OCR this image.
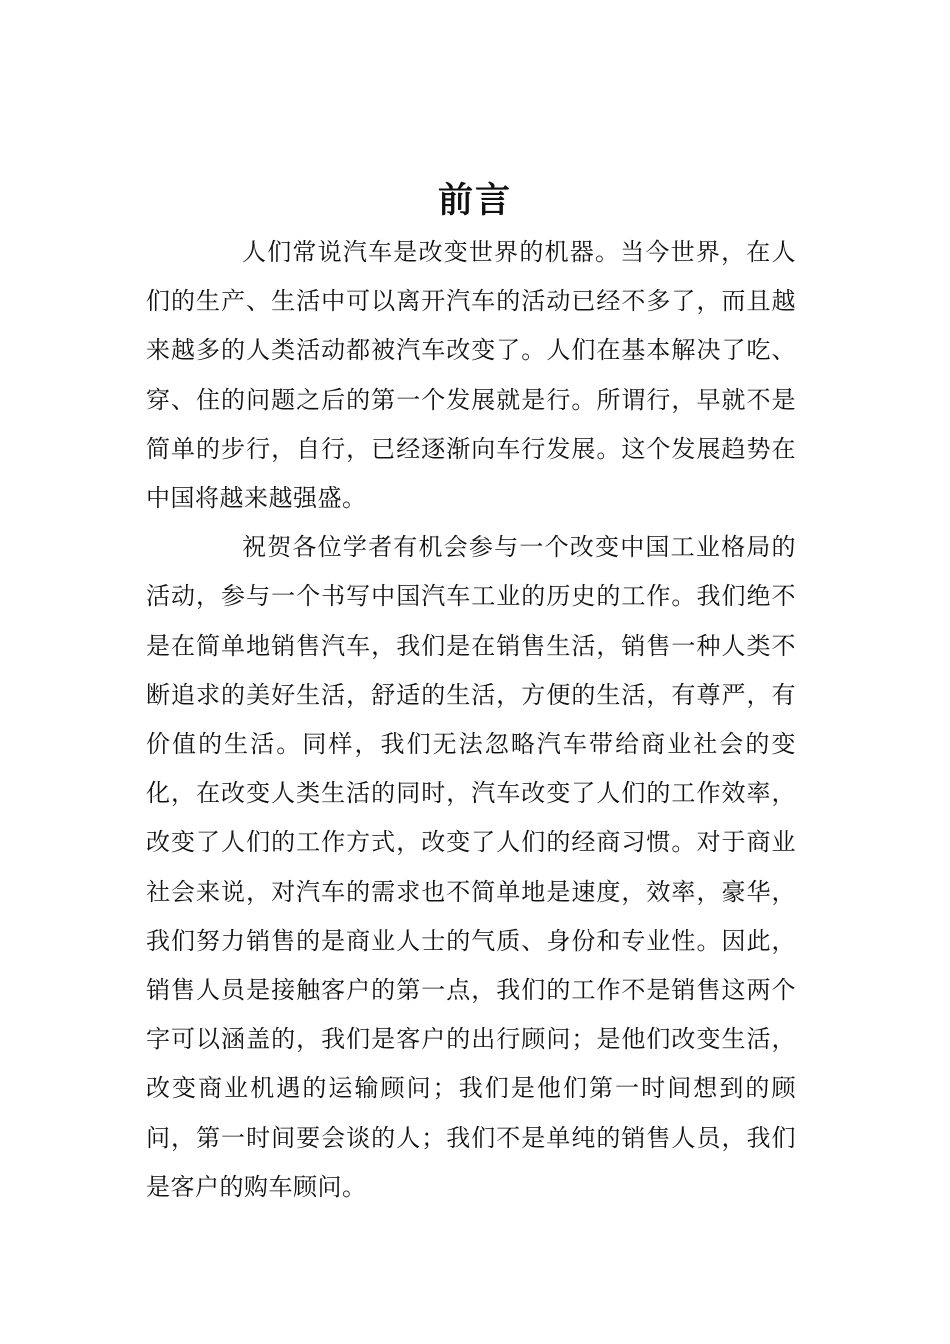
前言

人们常说汽车是改变世界的机器。当今世界，在人们的生产、生活中可以离开汽车的活动已经不多了，而且越来越多的人类活动都被汽车改变了。人们在基本解决了吃、穿、住的问题之后的第一个发展就是行。所谓行，早就不是简单的步行，自行，已经逐渐向车行发展。这个发展趋势在中国将越来越强盛。

祝贺各位学者有机会参与一个改变中国工业格局的活动，参与一个书写中国汽车工业的历史的工作。我们绝不是在简单地销售汽车，我们是在销售生活，销售一种人类不断追求的美好生活，舒适的生活，方便的生活，有尊严，有价值的生活。同样，我们无法忽略汽车带给商业社会的变化，在改变人类生活的同时，汽车改变了人们的工作效率，改变了人们的工作方式，改变了人们的经商习惯。对于商业社会来说，对汽车的需求也不简单地是速度，效率，豪华，我们努力销售的是商业人士的气质、身份和专业性。因此，销售人员是接触客户的第一点，我们的工作不是销售这两个字可以涵盖的，我们是客户的出行顾问；是他们改变生活，改变商业机遇的运输顾问；我们是他们第一时间想到的顾问，第一时间要会谈的人；我们不是单纯的销售人员，我们是客户的购车顾问。
